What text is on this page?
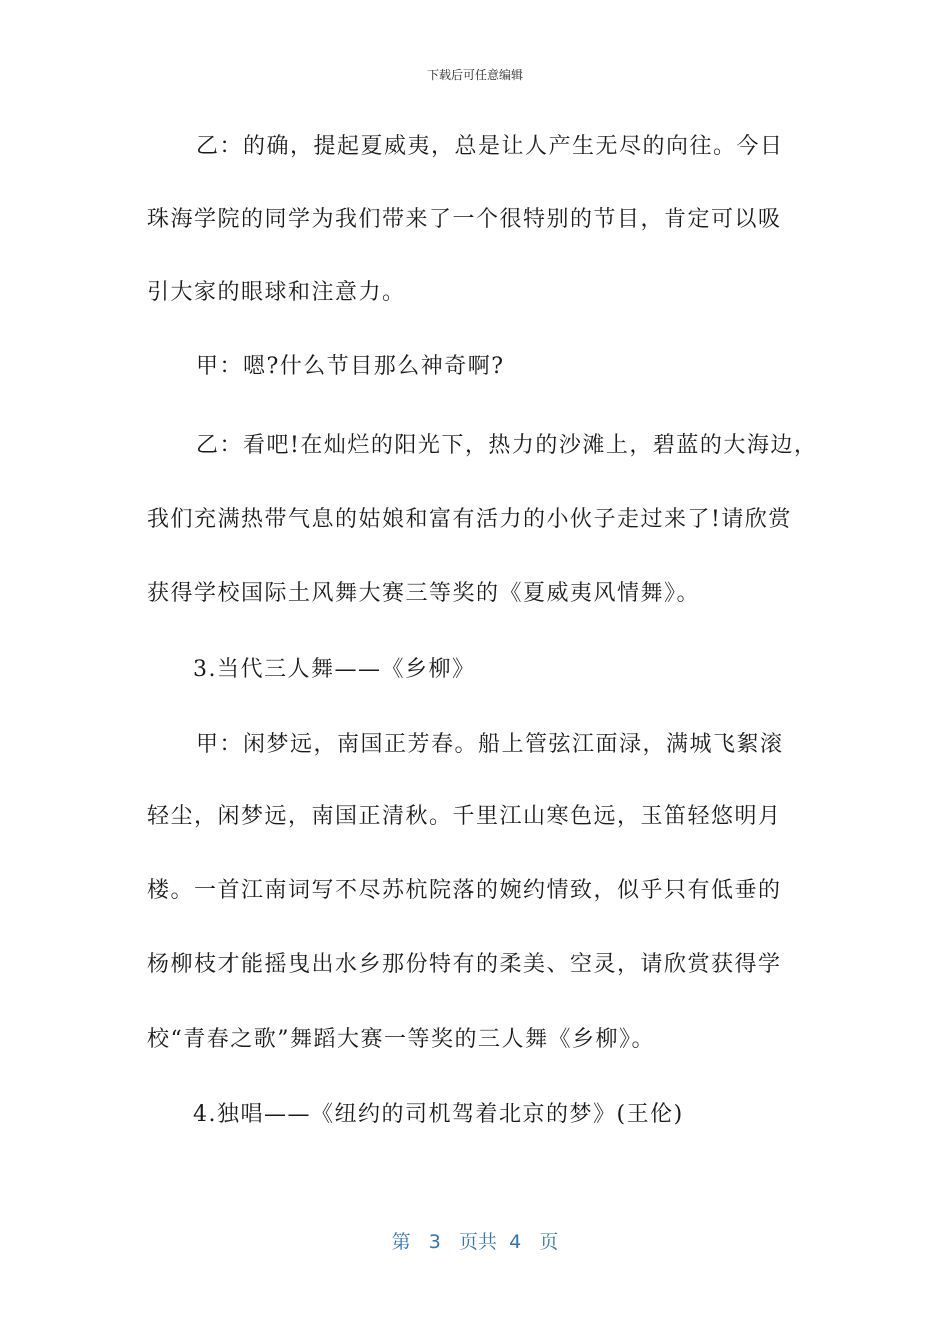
下载后可任意编辑
乙：的确，提起夏威夷，总是让人产生无尽的向往。今日
珠海学院的同学为我们带来了一个很特别的节目，肯定可以吸
引大家的眼球和注意力。
甲：嗯?什么节目那么神奇啊?
乙：看吧!在灿烂的阳光下，热力的沙滩上，碧蓝的大海边，
我们充满热带气息的姑娘和富有活力的小伙子走过来了!请欣赏
获得学校国际土风舞大赛三等奖的《夏威夷风情舞》。
3.当代三人舞——《乡柳》
甲：闲梦远，南国正芳春。船上管弦江面渌，满城飞絮滚
轻尘，闲梦远，南国正清秋。千里江山寒色远，玉笛轻悠明月
楼。一首江南词写不尽苏杭院落的婉约情致，似乎只有低垂的
杨柳枝才能摇曳出水乡那份特有的柔美、空灵，请欣赏获得学
校“青春之歌”舞蹈大赛一等奖的三人舞《乡柳》。
4.独唱——《纽约的司机驾着北京的梦》(王伦)
第 3 页共 4 页
